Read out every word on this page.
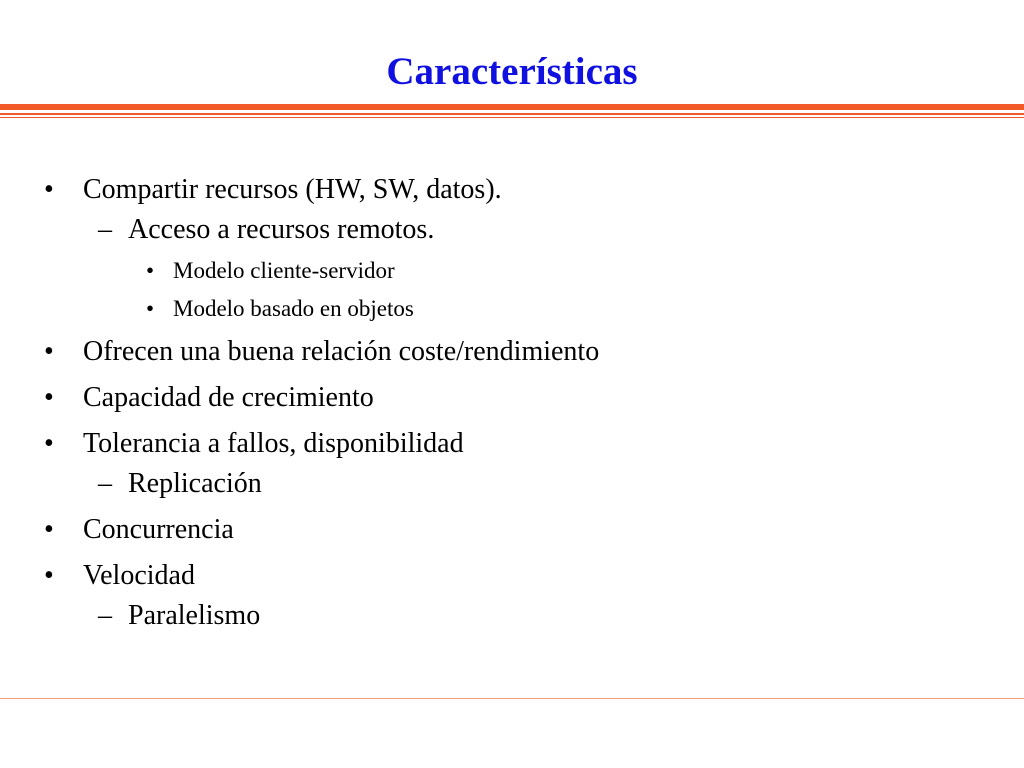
Características
• Compartir recursos (HW, SW, datos).
– Acceso a recursos remotos.
• Modelo cliente-servidor
• Modelo basado en objetos
• Ofrecen una buena relación coste/rendimiento
• Capacidad de crecimiento
• Tolerancia a fallos, disponibilidad
– Replicación
• Concurrencia
• Velocidad
– Paralelismo
